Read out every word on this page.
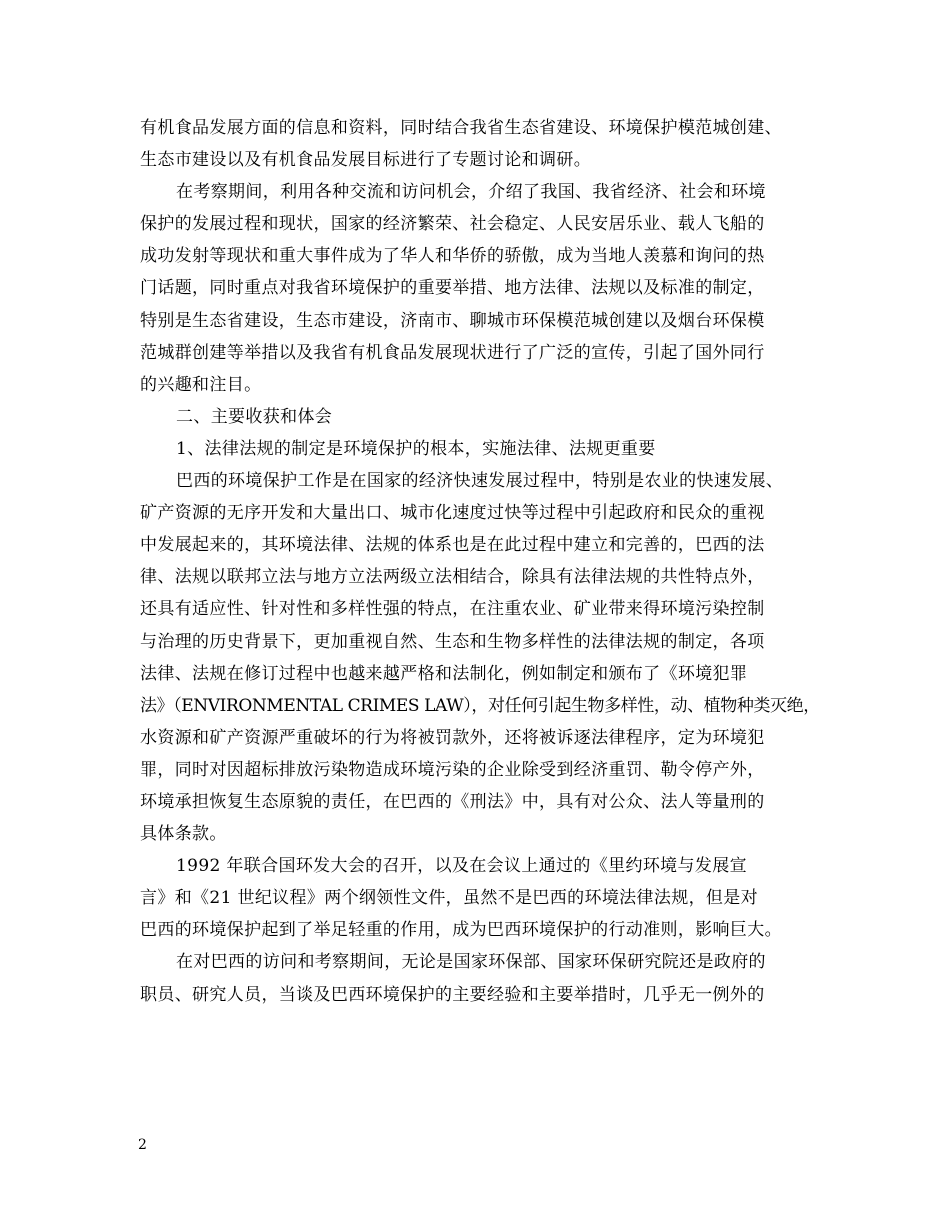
有机食品发展方面的信息和资料，同时结合我省生态省建设、环境保护模范城创建、
生态市建设以及有机食品发展目标进行了专题讨论和调研。
在考察期间，利用各种交流和访问机会，介绍了我国、我省经济、社会和环境
保护的发展过程和现状，国家的经济繁荣、社会稳定、人民安居乐业、载人飞船的
成功发射等现状和重大事件成为了华人和华侨的骄傲，成为当地人羡慕和询问的热
门话题，同时重点对我省环境保护的重要举措、地方法律、法规以及标准的制定，
特别是生态省建设，生态市建设，济南市、聊城市环保模范城创建以及烟台环保模
范城群创建等举措以及我省有机食品发展现状进行了广泛的宣传，引起了国外同行
的兴趣和注目。
二、主要收获和体会
1、法律法规的制定是环境保护的根本，实施法律、法规更重要
巴西的环境保护工作是在国家的经济快速发展过程中，特别是农业的快速发展、
矿产资源的无序开发和大量出口、城市化速度过快等过程中引起政府和民众的重视
中发展起来的，其环境法律、法规的体系也是在此过程中建立和完善的，巴西的法
律、法规以联邦立法与地方立法两级立法相结合，除具有法律法规的共性特点外，
还具有适应性、针对性和多样性强的特点，在注重农业、矿业带来得环境污染控制
与治理的历史背景下，更加重视自然、生态和生物多样性的法律法规的制定，各项
法律、法规在修订过程中也越来越严格和法制化，例如制定和颁布了《环境犯罪
法》（ENVIRONMENTAL CRIMES LAW），对任何引起生物多样性，动、植物种类灭绝，
水资源和矿产资源严重破坏的行为将被罚款外，还将被诉逐法律程序，定为环境犯
罪，同时对因超标排放污染物造成环境污染的企业除受到经济重罚、勒令停产外，
环境承担恢复生态原貌的责任，在巴西的《刑法》中，具有对公众、法人等量刑的
具体条款。
1992 年联合国环发大会的召开，以及在会议上通过的《里约环境与发展宣
言》和《21 世纪议程》两个纲领性文件，虽然不是巴西的环境法律法规，但是对
巴西的环境保护起到了举足轻重的作用，成为巴西环境保护的行动准则，影响巨大。
在对巴西的访问和考察期间，无论是国家环保部、国家环保研究院还是政府的
职员、研究人员，当谈及巴西环境保护的主要经验和主要举措时，几乎无一例外的
2
